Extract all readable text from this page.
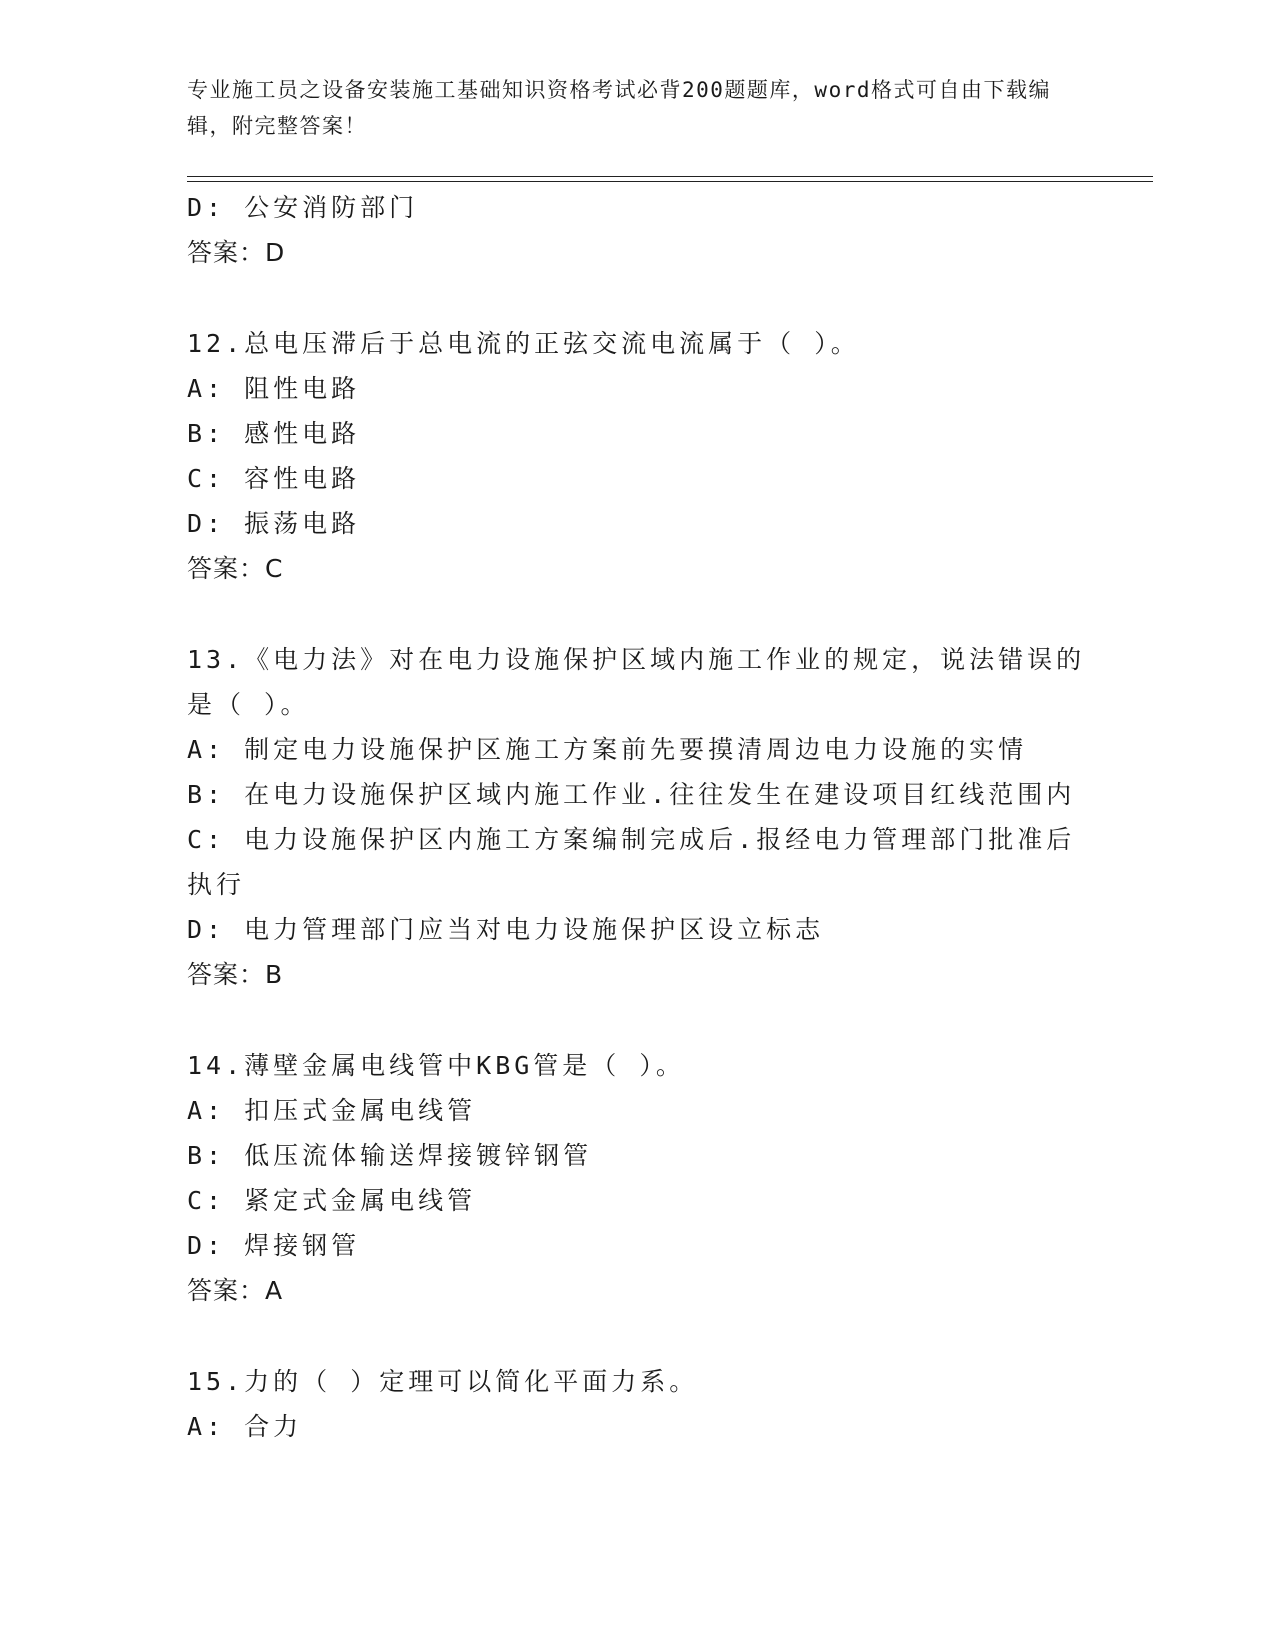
专业施工员之设备安装施工基础知识资格考试必背200题题库，word格式可自由下载编辑，附完整答案！
D: 公安消防部门
答案：D
12.总电压滞后于总电流的正弦交流电流属于（ ）。
A: 阻性电路
B: 感性电路
C: 容性电路
D: 振荡电路
答案：C
13.《电力法》对在电力设施保护区域内施工作业的规定，说法错误的
是（ ）。
A: 制定电力设施保护区施工方案前先要摸清周边电力设施的实情
B: 在电力设施保护区域内施工作业.往往发生在建设项目红线范围内
C: 电力设施保护区内施工方案编制完成后.报经电力管理部门批准后
执行
D: 电力管理部门应当对电力设施保护区设立标志
答案：B
14.薄壁金属电线管中KBG管是（ ）。
A: 扣压式金属电线管
B: 低压流体输送焊接镀锌钢管
C: 紧定式金属电线管
D: 焊接钢管
答案：A
15.力的（ ）定理可以简化平面力系。
A: 合力
